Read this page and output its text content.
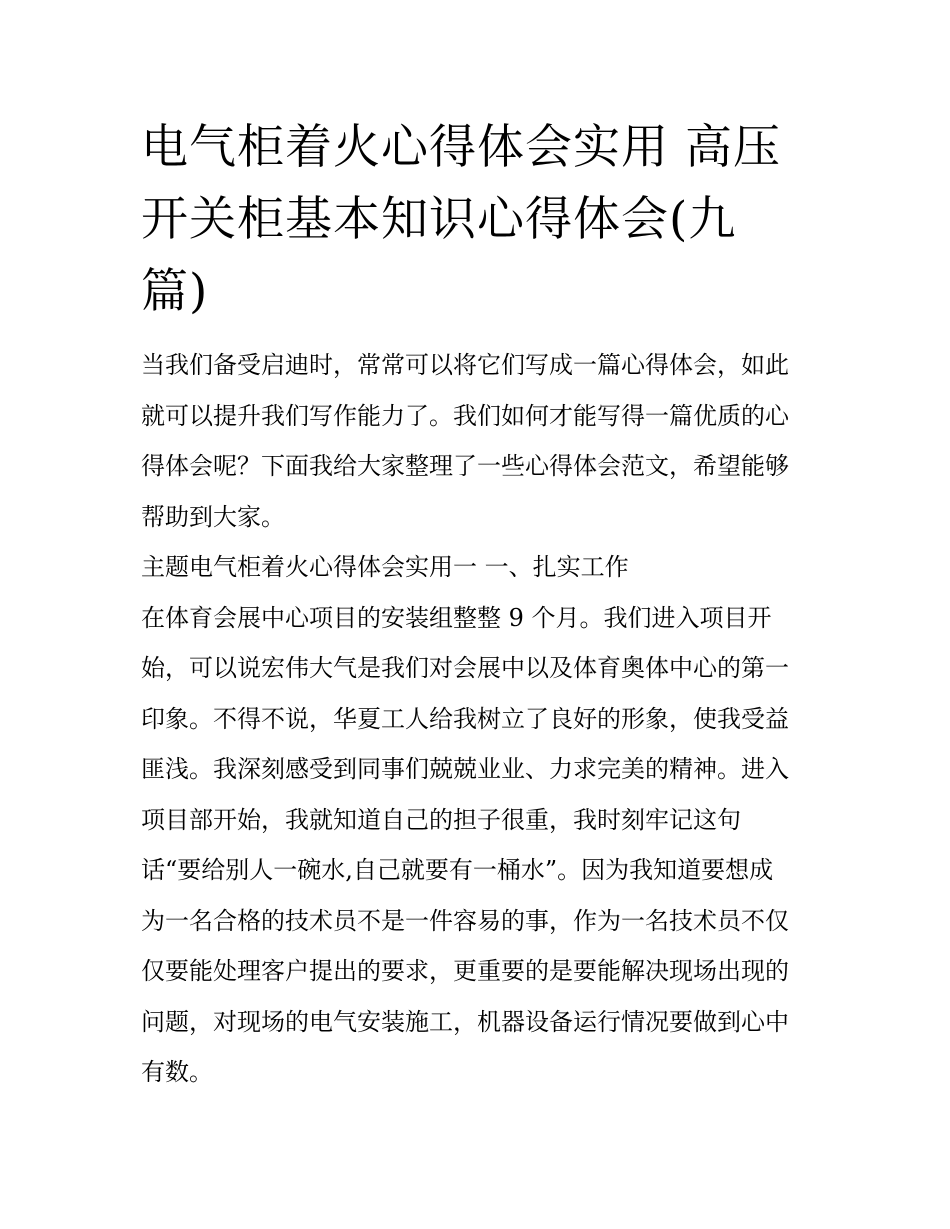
电气柜着火心得体会实用 高压
开关柜基本知识心得体会(九
篇)
当我们备受启迪时，常常可以将它们写成一篇心得体会，如此
就可以提升我们写作能力了。我们如何才能写得一篇优质的心
得体会呢？下面我给大家整理了一些心得体会范文，希望能够
帮助到大家。
主题电气柜着火心得体会实用一 一、扎实工作
在体育会展中心项目的安装组整整 9 个月。我们进入项目开
始，可以说宏伟大气是我们对会展中以及体育奥体中心的第一
印象。不得不说，华夏工人给我树立了良好的形象，使我受益
匪浅。我深刻感受到同事们兢兢业业、力求完美的精神。进入
项目部开始，我就知道自己的担子很重，我时刻牢记这句
话“要给别人一碗水,自己就要有一桶水”。因为我知道要想成
为一名合格的技术员不是一件容易的事，作为一名技术员不仅
仅要能处理客户提出的要求，更重要的是要能解决现场出现的
问题，对现场的电气安装施工，机器设备运行情况要做到心中
有数。
